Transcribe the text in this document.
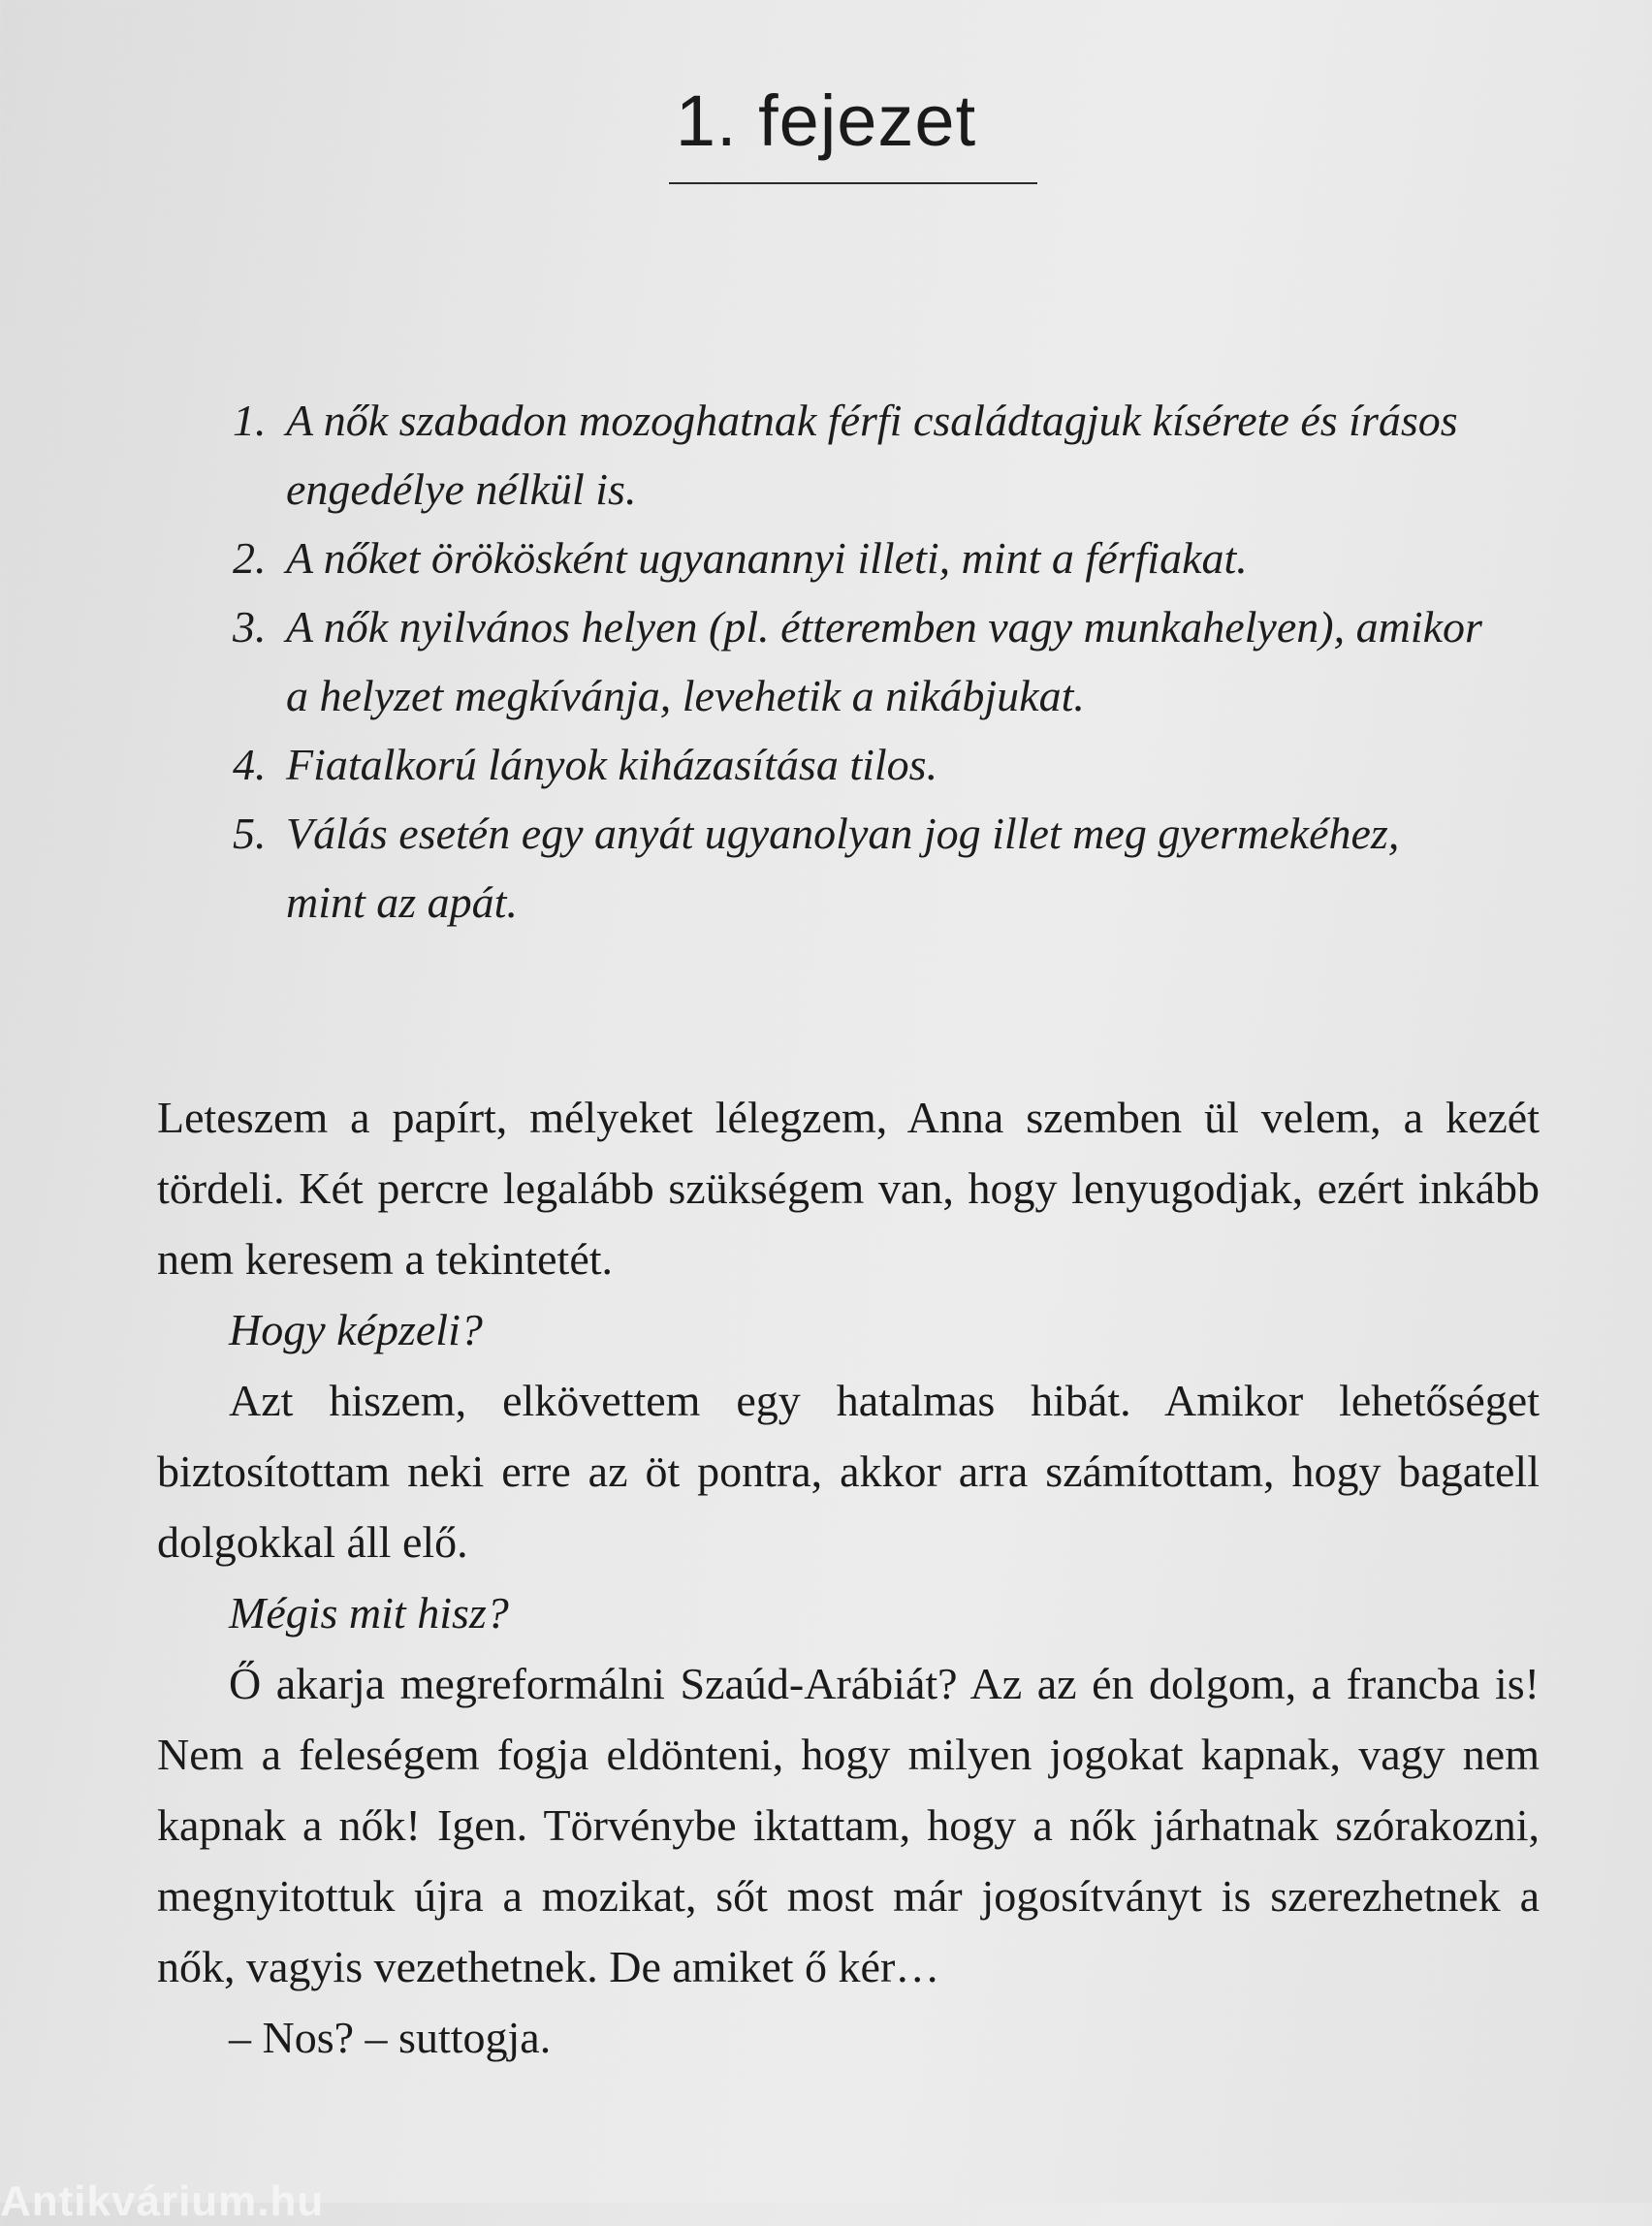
1. fejezet
1. A nők szabadon mozoghatnak férfi családtagjuk kísérete és írásos engedélye nélkül is.
2. A nőket örökösként ugyanannyi illeti, mint a férfiakat.
3. A nők nyilvános helyen (pl. étteremben vagy munkahelyen), amikor a helyzet megkívánja, levehetik a nikábjukat.
4. Fiatalkorú lányok kiházasítása tilos.
5. Válás esetén egy anyát ugyanolyan jog illet meg gyermekéhez, mint az apát.

Leteszem a papírt, mélyeket lélegzem, Anna szemben ül velem, a kezét tördeli. Két percre legalább szükségem van, hogy lenyugodjak, ezért inkább nem keresem a tekintetét.

Hogy képzeli?

Azt hiszem, elkövettem egy hatalmas hibát. Amikor lehetőséget biztosítottam neki erre az öt pontra, akkor arra számítottam, hogy bagatell dolgokkal áll elő.

Mégis mit hisz?

Ő akarja megreformálni Szaúd-Arábiát? Az az én dolgom, a francba is! Nem a feleségem fogja eldönteni, hogy milyen jogokat kapnak, vagy nem kapnak a nők! Igen. Törvénybe iktattam, hogy a nők járhatnak szórakozni, megnyitottuk újra a mozikat, sőt most már jogosítványt is szerezhetnek a nők, vagyis vezethetnek. De amiket ő kér…

– Nos? – suttogja.

Antikvárium.hu
